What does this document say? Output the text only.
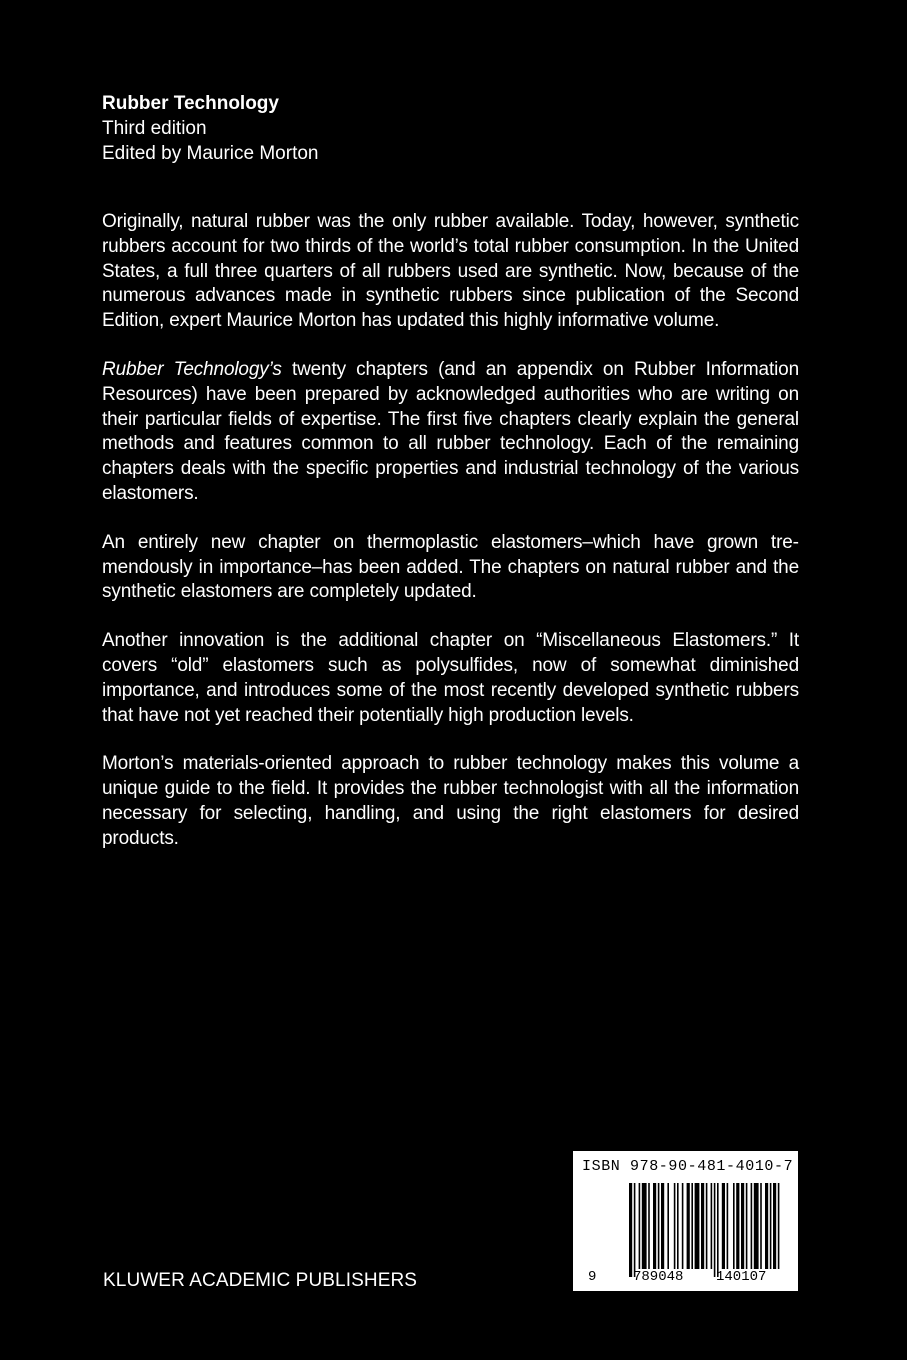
Rubber Technology
Third edition
Edited by Maurice Morton

Originally, natural rubber was the only rubber available. Today, however, synthetic rubbers account for two thirds of the world’s total rubber consumption. In the United States, a full three quarters of all rubbers used are synthetic. Now, because of the numerous advances made in synthetic rubbers since publication of the Second Edition, expert Maurice Morton has updated this highly informative volume.

Rubber Technology’s twenty chapters (and an appendix on Rubber Information Resources) have been prepared by acknowledged authorities who are writing on their particular fields of expertise. The first five chapters clearly explain the general methods and features common to all rubber technology. Each of the remaining chapters deals with the specific properties and industrial technology of the various elastomers.

An entirely new chapter on thermoplastic elastomers–which have grown tremendously in importance–has been added. The chapters on natural rubber and the synthetic elastomers are completely updated.

Another innovation is the additional chapter on “Miscellaneous Elastomers.” It covers “old” elastomers such as polysulfides, now of somewhat diminished importance, and introduces some of the most recently developed synthetic rubbers that have not yet reached their potentially high production levels.

Morton’s materials-oriented approach to rubber technology makes this volume a unique guide to the field. It provides the rubber technologist with all the information necessary for selecting, handling, and using the right elastomers for desired products.

KLUWER ACADEMIC PUBLISHERS
ISBN 978-90-481-4010-7
9	789048 140107
